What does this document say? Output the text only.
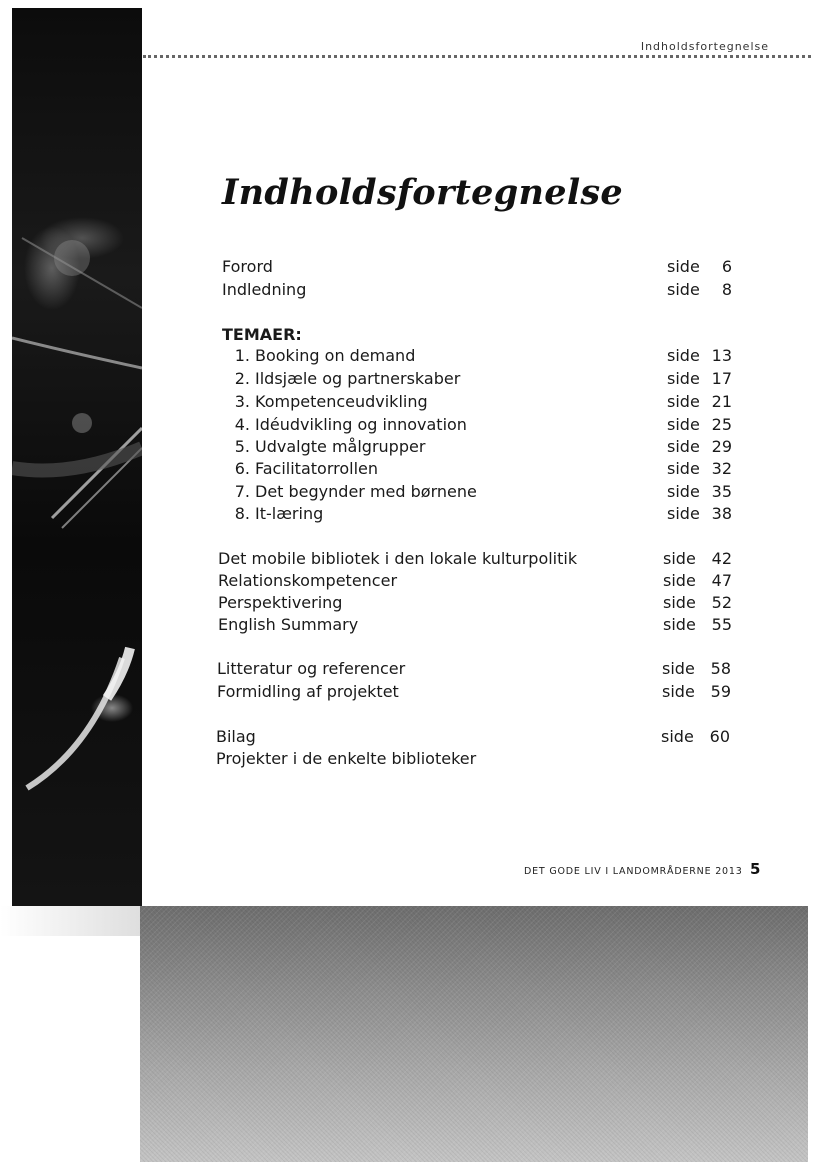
Indholdsfortegnelse
Indholdsfortegnelse
Forord	side 6
Indledning	side 8
TEMAER:
1. Booking on demand	side 13
2. Ildsjæle og partnerskaber	side 17
3. Kompetenceudvikling	side 21
4. Idéudvikling og innovation	side 25
5. Udvalgte målgrupper	side 29
6. Facilitatorrollen	side 32
7. Det begynder med børnene	side 35
8. It-læring	side 38
Det mobile bibliotek i den lokale kulturpolitik	side 42
Relationskompetencer	side 47
Perspektivering	side 52
English Summary	side 55
Litteratur og referencer	side 58
Formidling af projektet	side 59
Bilag	side 60
Projekter i de enkelte biblioteker
DET GODE LIV I LANDOMRÅDERNE 2013 5
